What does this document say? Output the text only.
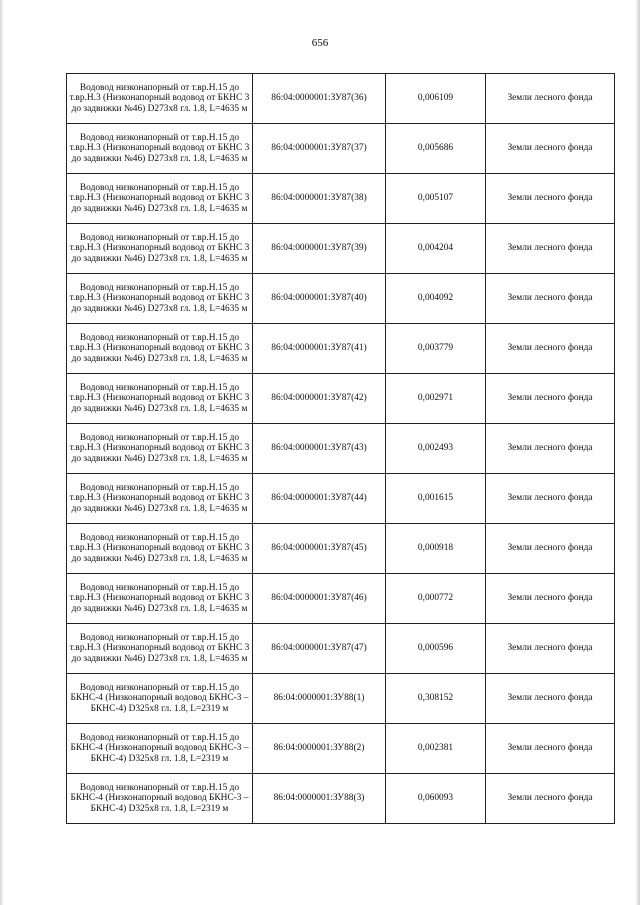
656
Водовод низконапорный от т.вр.Н.15 до т.вр.Н.3 (Низконапорный водовод от БКНС 3 до задвижки №46) D273x8 гл. 1.8, L=4635 м	86:04:0000001:ЗУ87(36)	0,006109	Земли лесного фонда
Водовод низконапорный от т.вр.Н.15 до т.вр.Н.3 (Низконапорный водовод от БКНС 3 до задвижки №46) D273x8 гл. 1.8, L=4635 м	86:04:0000001:ЗУ87(37)	0,005686	Земли лесного фонда
Водовод низконапорный от т.вр.Н.15 до т.вр.Н.3 (Низконапорный водовод от БКНС 3 до задвижки №46) D273x8 гл. 1.8, L=4635 м	86:04:0000001:ЗУ87(38)	0,005107	Земли лесного фонда
Водовод низконапорный от т.вр.Н.15 до т.вр.Н.3 (Низконапорный водовод от БКНС 3 до задвижки №46) D273x8 гл. 1.8, L=4635 м	86:04:0000001:ЗУ87(39)	0,004204	Земли лесного фонда
Водовод низконапорный от т.вр.Н.15 до т.вр.Н.3 (Низконапорный водовод от БКНС 3 до задвижки №46) D273x8 гл. 1.8, L=4635 м	86:04:0000001:ЗУ87(40)	0,004092	Земли лесного фонда
Водовод низконапорный от т.вр.Н.15 до т.вр.Н.3 (Низконапорный водовод от БКНС 3 до задвижки №46) D273x8 гл. 1.8, L=4635 м	86:04:0000001:ЗУ87(41)	0,003779	Земли лесного фонда
Водовод низконапорный от т.вр.Н.15 до т.вр.Н.3 (Низконапорный водовод от БКНС 3 до задвижки №46) D273x8 гл. 1.8, L=4635 м	86:04:0000001:ЗУ87(42)	0,002971	Земли лесного фонда
Водовод низконапорный от т.вр.Н.15 до т.вр.Н.3 (Низконапорный водовод от БКНС 3 до задвижки №46) D273x8 гл. 1.8, L=4635 м	86:04:0000001:ЗУ87(43)	0,002493	Земли лесного фонда
Водовод низконапорный от т.вр.Н.15 до т.вр.Н.3 (Низконапорный водовод от БКНС 3 до задвижки №46) D273x8 гл. 1.8, L=4635 м	86:04:0000001:ЗУ87(44)	0,001615	Земли лесного фонда
Водовод низконапорный от т.вр.Н.15 до т.вр.Н.3 (Низконапорный водовод от БКНС 3 до задвижки №46) D273x8 гл. 1.8, L=4635 м	86:04:0000001:ЗУ87(45)	0,000918	Земли лесного фонда
Водовод низконапорный от т.вр.Н.15 до т.вр.Н.3 (Низконапорный водовод от БКНС 3 до задвижки №46) D273x8 гл. 1.8, L=4635 м	86:04:0000001:ЗУ87(46)	0,000772	Земли лесного фонда
Водовод низконапорный от т.вр.Н.15 до т.вр.Н.3 (Низконапорный водовод от БКНС 3 до задвижки №46) D273x8 гл. 1.8, L=4635 м	86:04:0000001:ЗУ87(47)	0,000596	Земли лесного фонда
Водовод низконапорный от т.вр.Н.15 до БКНС-4 (Низконапорный водовод БКНС-3 – БКНС-4) D325x8 гл. 1.8, L=2319 м	86:04:0000001:ЗУ88(1)	0,308152	Земли лесного фонда
Водовод низконапорный от т.вр.Н.15 до БКНС-4 (Низконапорный водовод БКНС-3 – БКНС-4) D325x8 гл. 1.8, L=2319 м	86:04:0000001:ЗУ88(2)	0,002381	Земли лесного фонда
Водовод низконапорный от т.вр.Н.15 до БКНС-4 (Низконапорный водовод БКНС-3 – БКНС-4) D325x8 гл. 1.8, L=2319 м	86:04:0000001:ЗУ88(3)	0,060093	Земли лесного фонда
